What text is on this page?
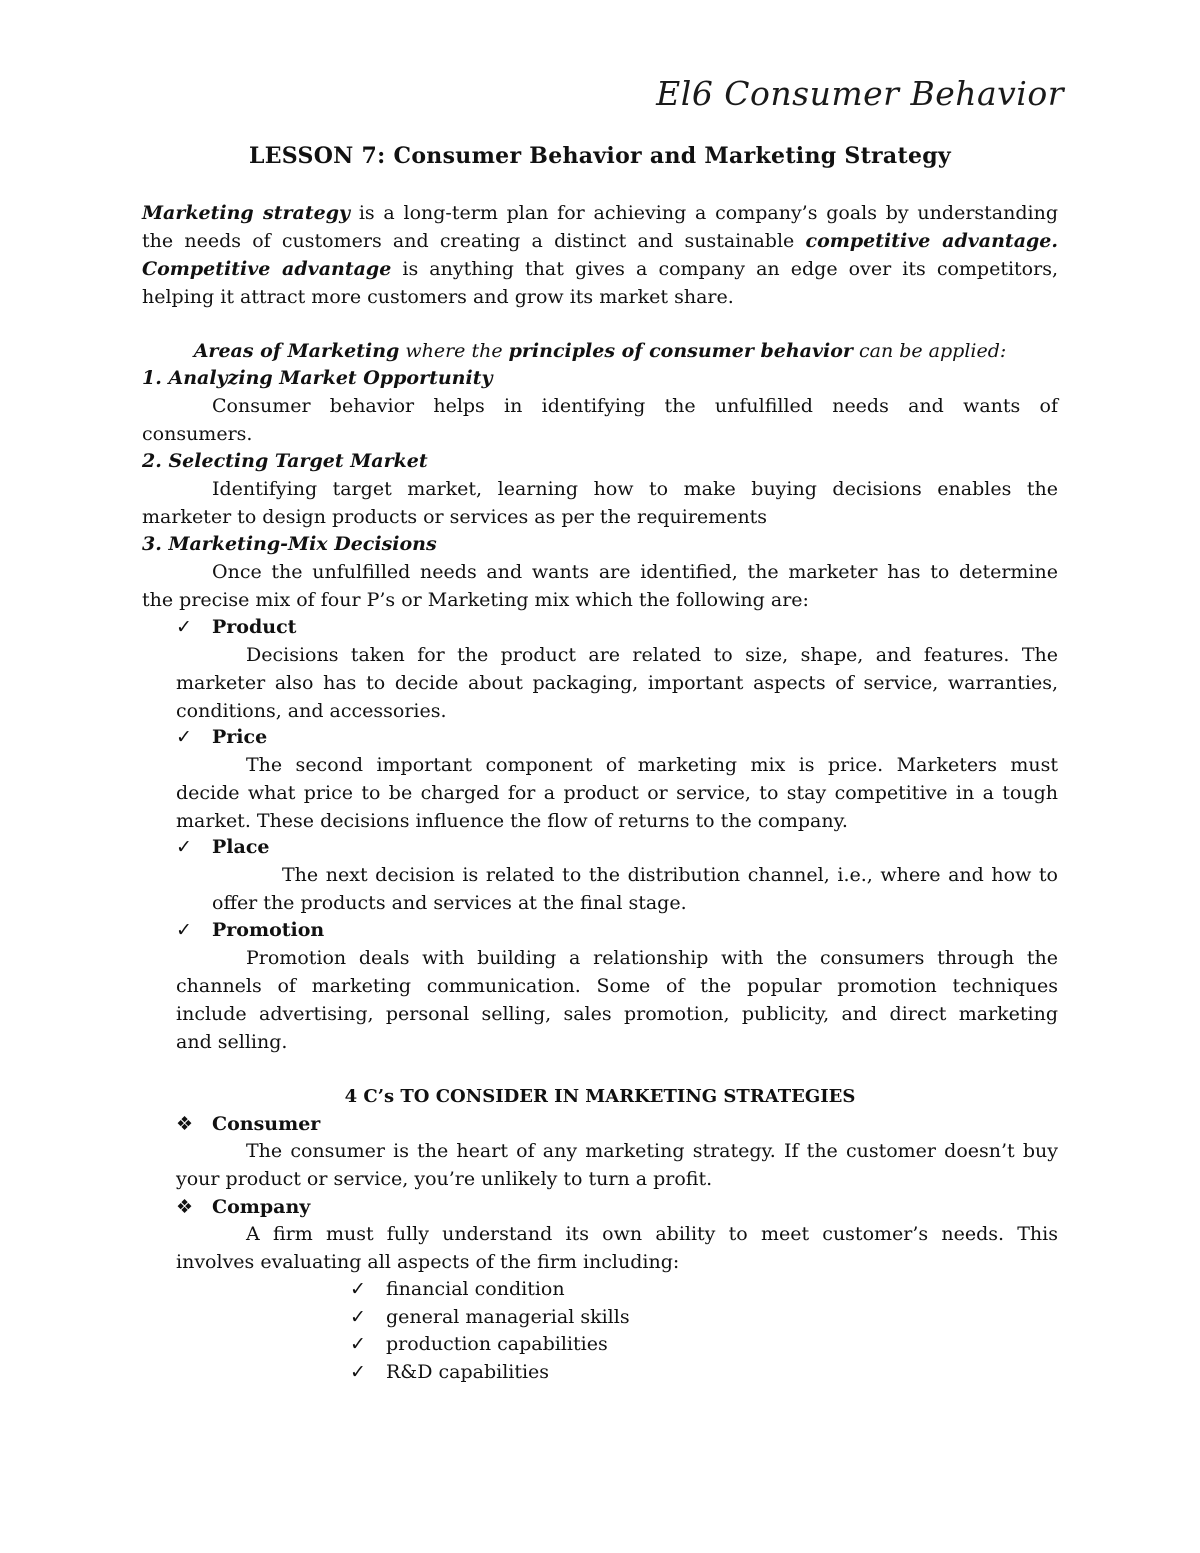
El6 Consumer Behavior
LESSON 7: Consumer Behavior and Marketing Strategy
Marketing strategy is a long-term plan for achieving a company’s goals by understanding
the needs of customers and creating a distinct and sustainable competitive advantage.
Competitive advantage is anything that gives a company an edge over its competitors,
helping it attract more customers and grow its market share.
Areas of Marketing where the principles of consumer behavior can be applied:
1. Analyzing Market Opportunity
Consumer behavior helps in identifying the unfulfilled needs and wants of
consumers.
2. Selecting Target Market
Identifying target market, learning how to make buying decisions enables the
marketer to design products or services as per the requirements
3. Marketing-Mix Decisions
Once the unfulfilled needs and wants are identified, the marketer has to determine
the precise mix of four P’s or Marketing mix which the following are:
✓ Product
Decisions taken for the product are related to size, shape, and features. The
marketer also has to decide about packaging, important aspects of service, warranties,
conditions, and accessories.
✓ Price
The second important component of marketing mix is price. Marketers must
decide what price to be charged for a product or service, to stay competitive in a tough
market. These decisions influence the flow of returns to the company.
✓ Place
The next decision is related to the distribution channel, i.e., where and how to
offer the products and services at the final stage.
✓ Promotion
Promotion deals with building a relationship with the consumers through the
channels of marketing communication. Some of the popular promotion techniques
include advertising, personal selling, sales promotion, publicity, and direct marketing
and selling.
4 C’s TO CONSIDER IN MARKETING STRATEGIES
❖ Consumer
The consumer is the heart of any marketing strategy. If the customer doesn’t buy
your product or service, you’re unlikely to turn a profit.
❖ Company
A firm must fully understand its own ability to meet customer’s needs. This
involves evaluating all aspects of the firm including:
✓ financial condition
✓ general managerial skills
✓ production capabilities
✓ R&D capabilities
